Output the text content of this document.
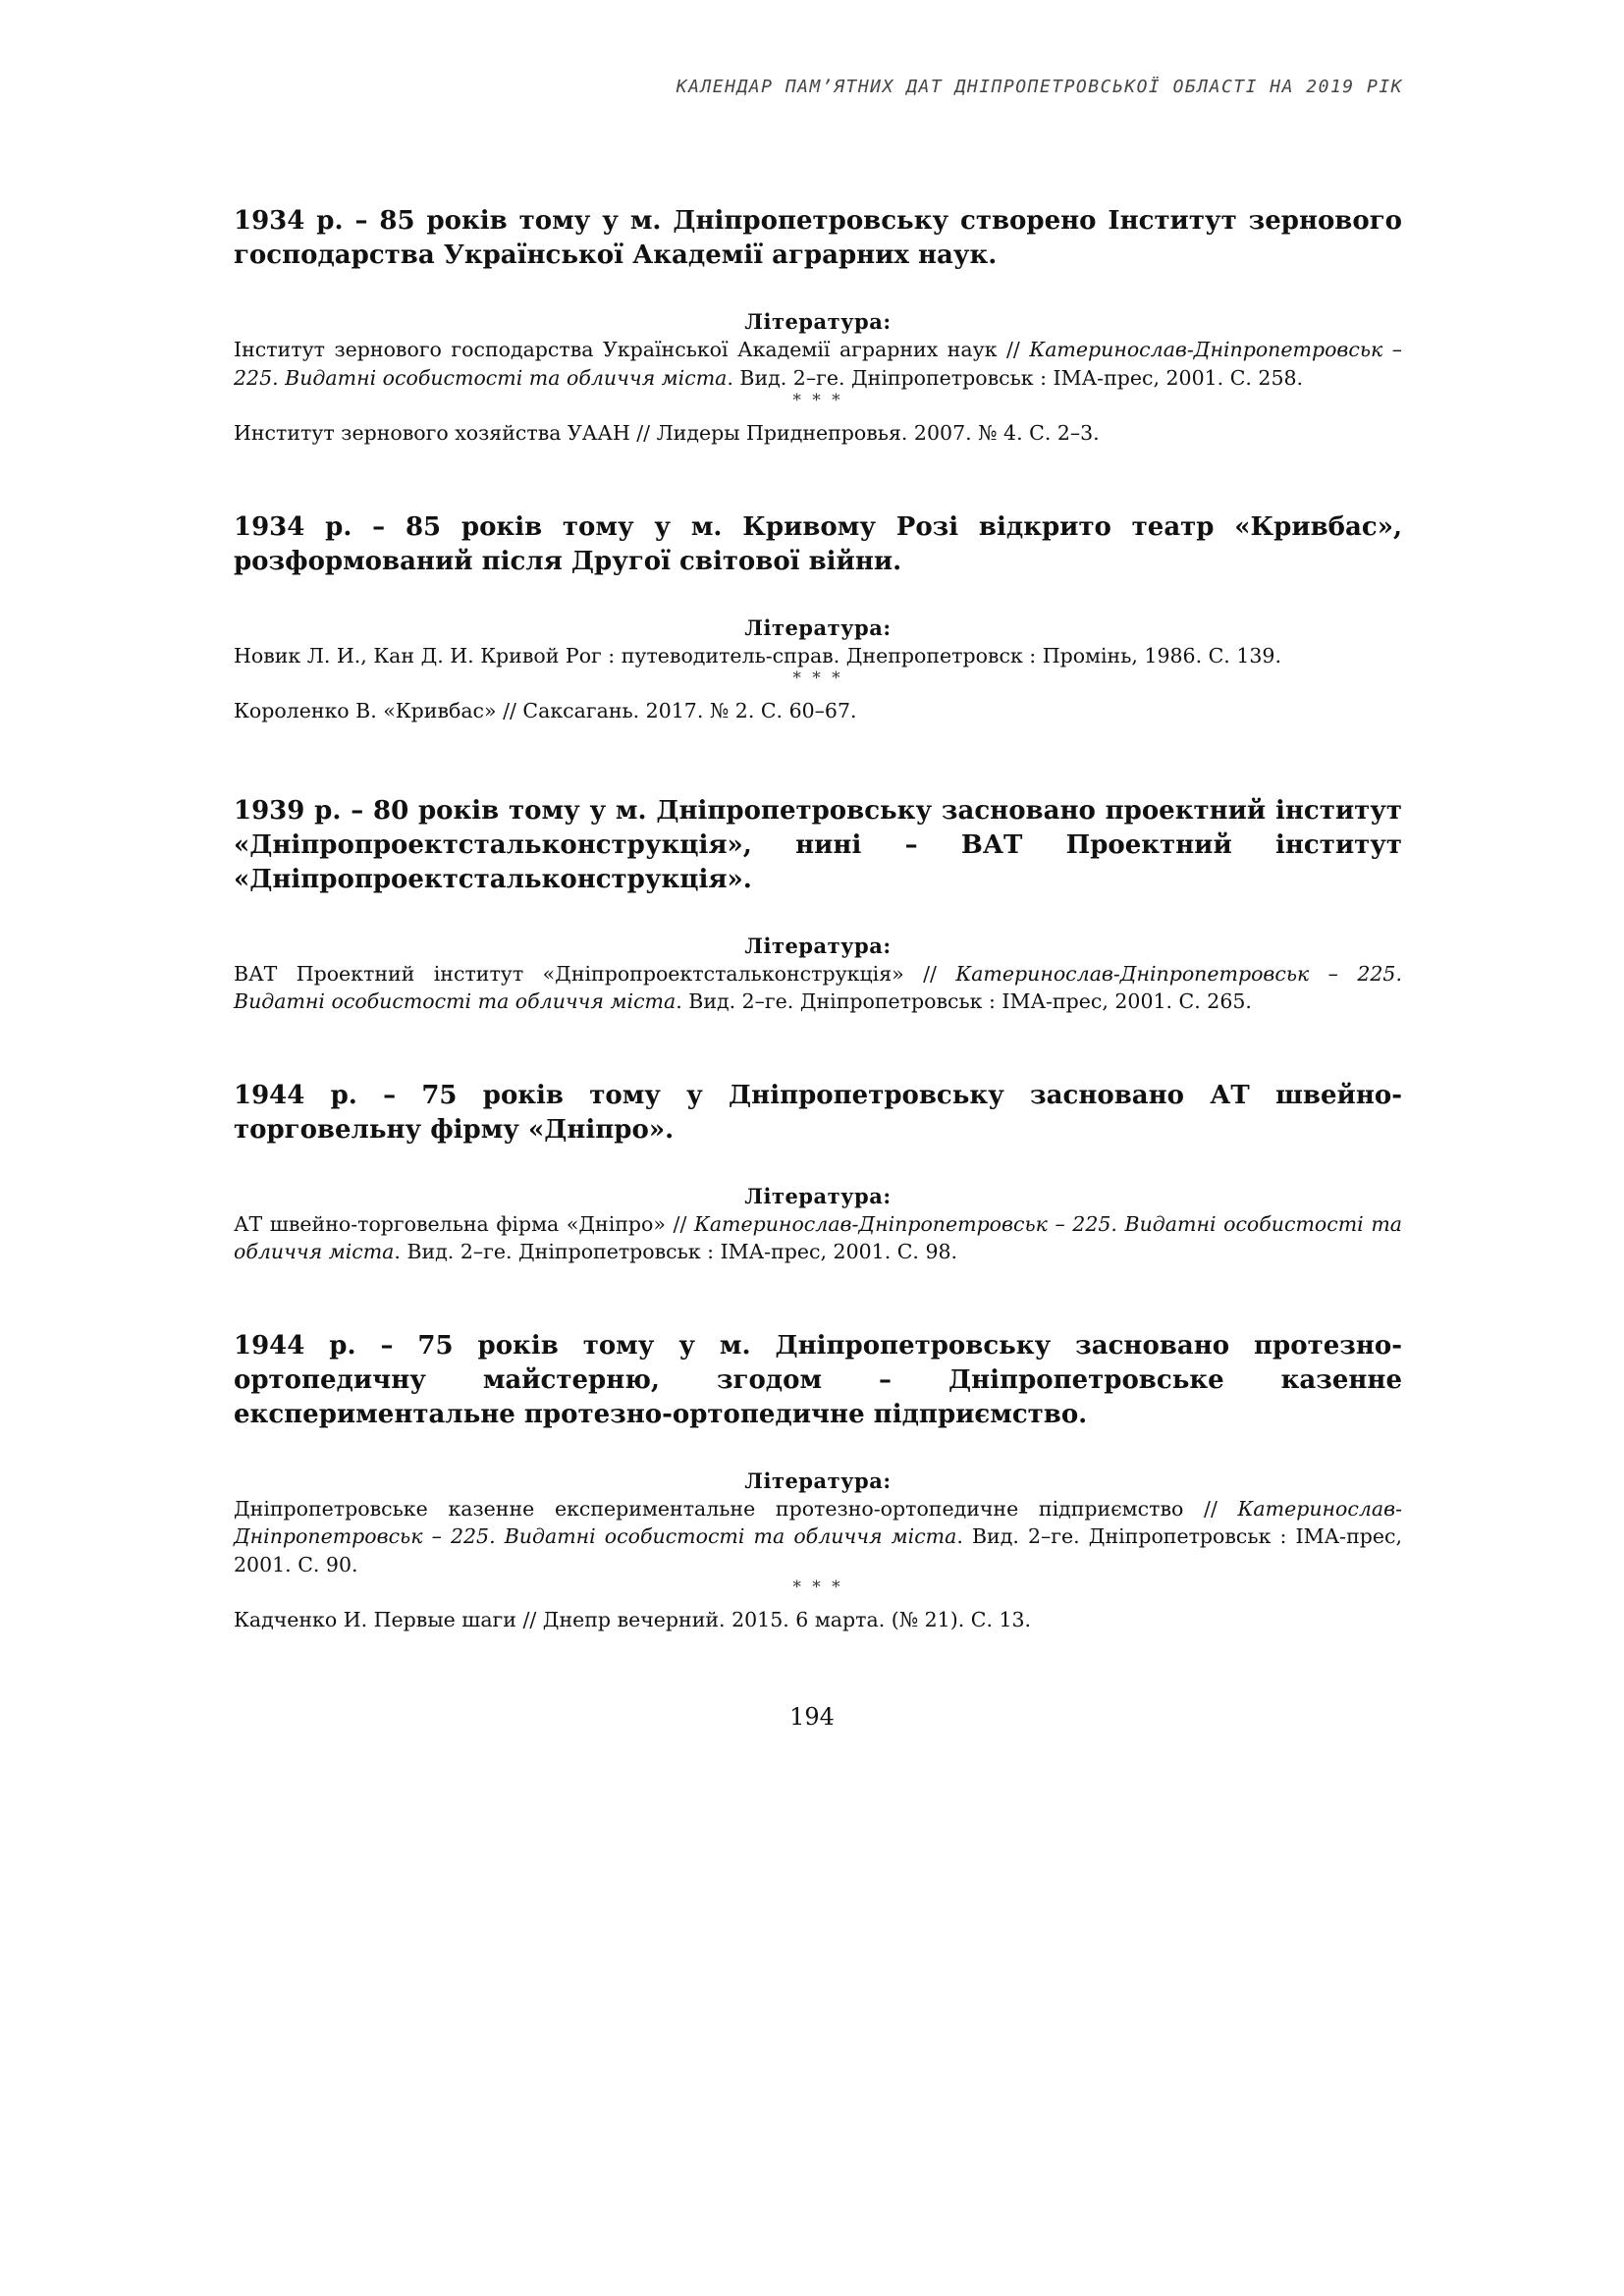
КАЛЕНДАР ПАМ’ЯТНИХ ДАТ ДНІПРОПЕТРОВСЬКОЇ ОБЛАСТІ НА 2019 РІК

1934 р. – 85 років тому у м. Дніпропетровську створено Інститут зернового господарства Української Академії аграрних наук.

Література:

Інститут зернового господарства Української Академії аграрних наук // Катеринослав-Дніпропетровськ – 225. Видатні особистості та обличчя міста. Вид. 2–ге. Дніпропетровськ : ІМА-прес, 2001. С. 258.

* * *

Институт зернового хозяйства УААН // Лидеры Приднепровья. 2007. № 4. С. 2–3.

1934 р. – 85 років тому у м. Кривому Розі відкрито театр «Кривбас», розформований після Другої світової війни.

Література:

Новик Л. И., Кан Д. И. Кривой Рог : путеводитель-справ. Днепропетровск : Промінь, 1986. С. 139.

* * *

Короленко В. «Кривбас» // Саксагань. 2017. № 2. С. 60–67.

1939 р. – 80 років тому у м. Дніпропетровську засновано проектний інститут «Дніпропроектстальконструкція», нині – ВАТ Проектний інститут «Дніпропроектстальконструкція».

Література:

ВАТ Проектний інститут «Дніпропроектстальконструкція» // Катеринослав-Дніпропетровськ – 225. Видатні особистості та обличчя міста. Вид. 2–ге. Дніпропетровськ : ІМА-прес, 2001. С. 265.

1944 р. – 75 років тому у Дніпропетровську засновано АТ швейно-торговельну фірму «Дніпро».

Література:

АТ швейно-торговельна фірма «Дніпро» // Катеринослав-Дніпропетровськ – 225. Видатні особистості та обличчя міста. Вид. 2–ге. Дніпропетровськ : ІМА-прес, 2001. С. 98.

1944 р. – 75 років тому у м. Дніпропетровську засновано протезно-ортопедичну майстерню, згодом – Дніпропетровське казенне експериментальне протезно-ортопедичне підприємство.

Література:

Дніпропетровське казенне експериментальне протезно-ортопедичне підприємство // Катеринослав-Дніпропетровськ – 225. Видатні особистості та обличчя міста. Вид. 2–ге. Дніпропетровськ : ІМА-прес, 2001. С. 90.

* * *

Кадченко И. Первые шаги // Днепр вечерний. 2015. 6 марта. (№ 21). С. 13.

194
